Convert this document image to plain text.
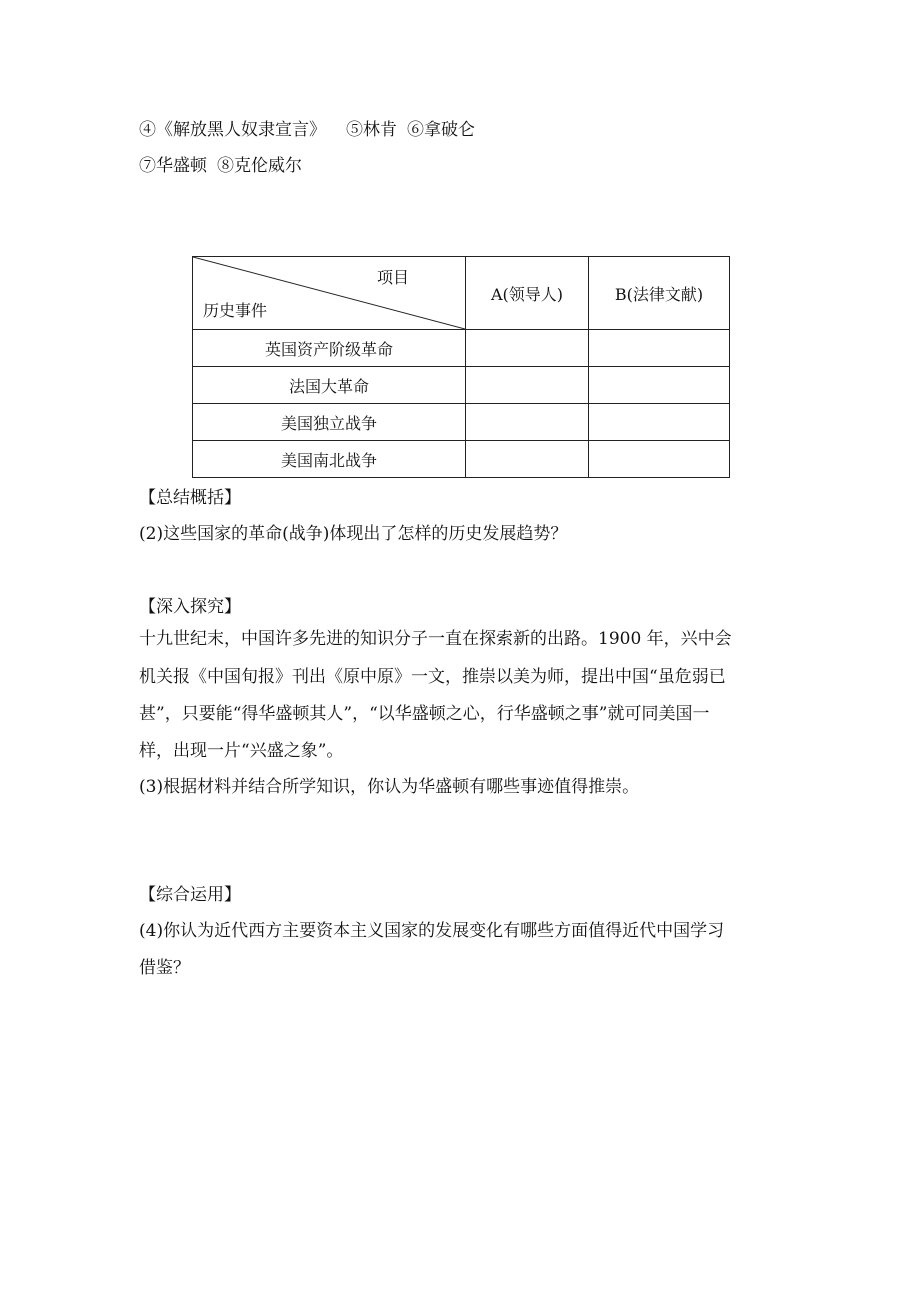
④《解放黑人奴隶宣言》 ⑤林肯 ⑥拿破仑
⑦华盛顿 ⑧克伦威尔
项目
历史事件	A(领导人)	B(法律文献)
英国资产阶级革命		
法国大革命		
美国独立战争		
美国南北战争		
【总结概括】
(2)这些国家的革命(战争)体现出了怎样的历史发展趋势？
【深入探究】
十九世纪末，中国许多先进的知识分子一直在探索新的出路。1900 年，兴中会
机关报《中国旬报》刊出《原中原》一文，推崇以美为师，提出中国“虽危弱已
甚”，只要能“得华盛顿其人”，“以华盛顿之心，行华盛顿之事”就可同美国一
样，出现一片“兴盛之象”。
(3)根据材料并结合所学知识，你认为华盛顿有哪些事迹值得推崇。
【综合运用】
(4)你认为近代西方主要资本主义国家的发展变化有哪些方面值得近代中国学习
借鉴？
